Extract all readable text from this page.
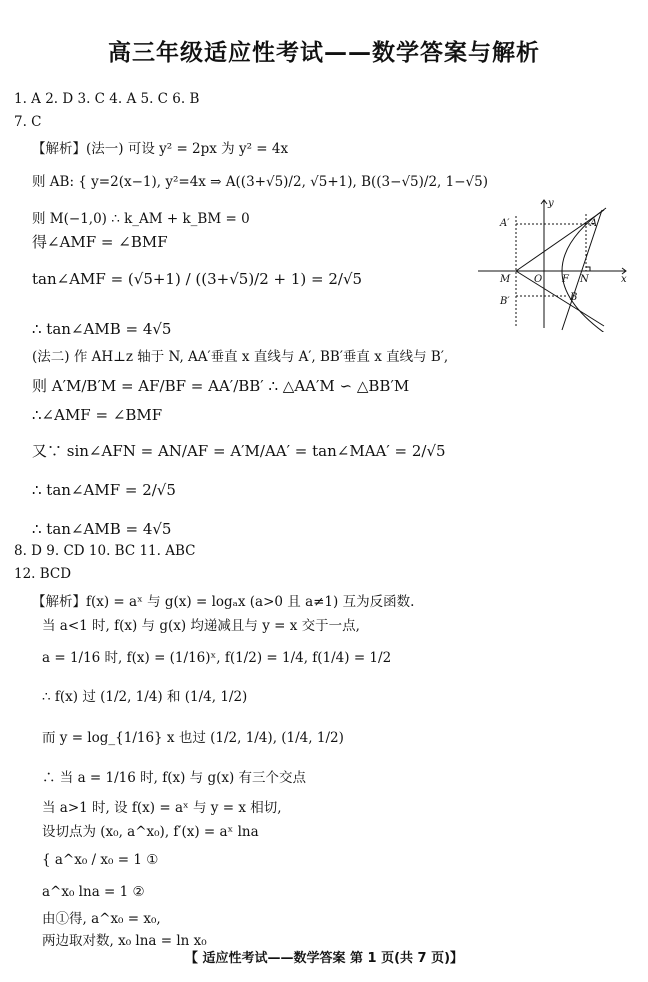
高三年级适应性考试——数学答案与解析
1. A 2. D 3. C 4. A 5. C 6. B
7. C
【解析】(法一) 可设 y² = 2px 为 y² = 4x
则 AB: { y=2(x−1), y²=4x ⇒ A((3+√5)/2, √5+1), B((3−√5)/2, 1−√5)
则 M(−1,0) ∴ k_AM + k_BM = 0
得∠AMF = ∠BMF
tan∠AMF = (√5+1) / ((3+√5)/2 + 1) = 2/√5
∴ tan∠AMB = 4√5
(法二) 作 AH⊥z 轴于 N, AA′垂直 x 直线与 A′, BB′垂直 x 直线与 B′,
则 A′M/B′M = AF/BF = AA′/BB′ ∴ △AA′M ∽ △BB′M
∴∠AMF = ∠BMF
又∵ sin∠AFN = AN/AF = A′M/AA′ = tan∠MAA′ = 2/√5
∴ tan∠AMF = 2/√5
∴ tan∠AMB = 4√5
8. D 9. CD 10. BC 11. ABC
12. BCD
【解析】f(x) = aˣ 与 g(x) = logₐx (a>0 且 a≠1) 互为反函数.
当 a<1 时, f(x) 与 g(x) 均递减且与 y = x 交于一点,
a = 1/16 时, f(x) = (1/16)ˣ, f(1/2) = 1/4, f(1/4) = 1/2
∴ f(x) 过 (1/2, 1/4) 和 (1/4, 1/2)
而 y = log_{1/16} x 也过 (1/2, 1/4), (1/4, 1/2)
∴ 当 a = 1/16 时, f(x) 与 g(x) 有三个交点
当 a>1 时, 设 f(x) = aˣ 与 y = x 相切,
设切点为 (x₀, a^x₀), f′(x) = aˣ lna
{ a^x₀ / x₀ = 1 ①
a^x₀ lna = 1 ②
由①得, a^x₀ = x₀,
两边取对数, x₀ lna = ln x₀
A′	A
y
M O F N	x
B′	B
【 适应性考试——数学答案 第 1 页(共 7 页)】
